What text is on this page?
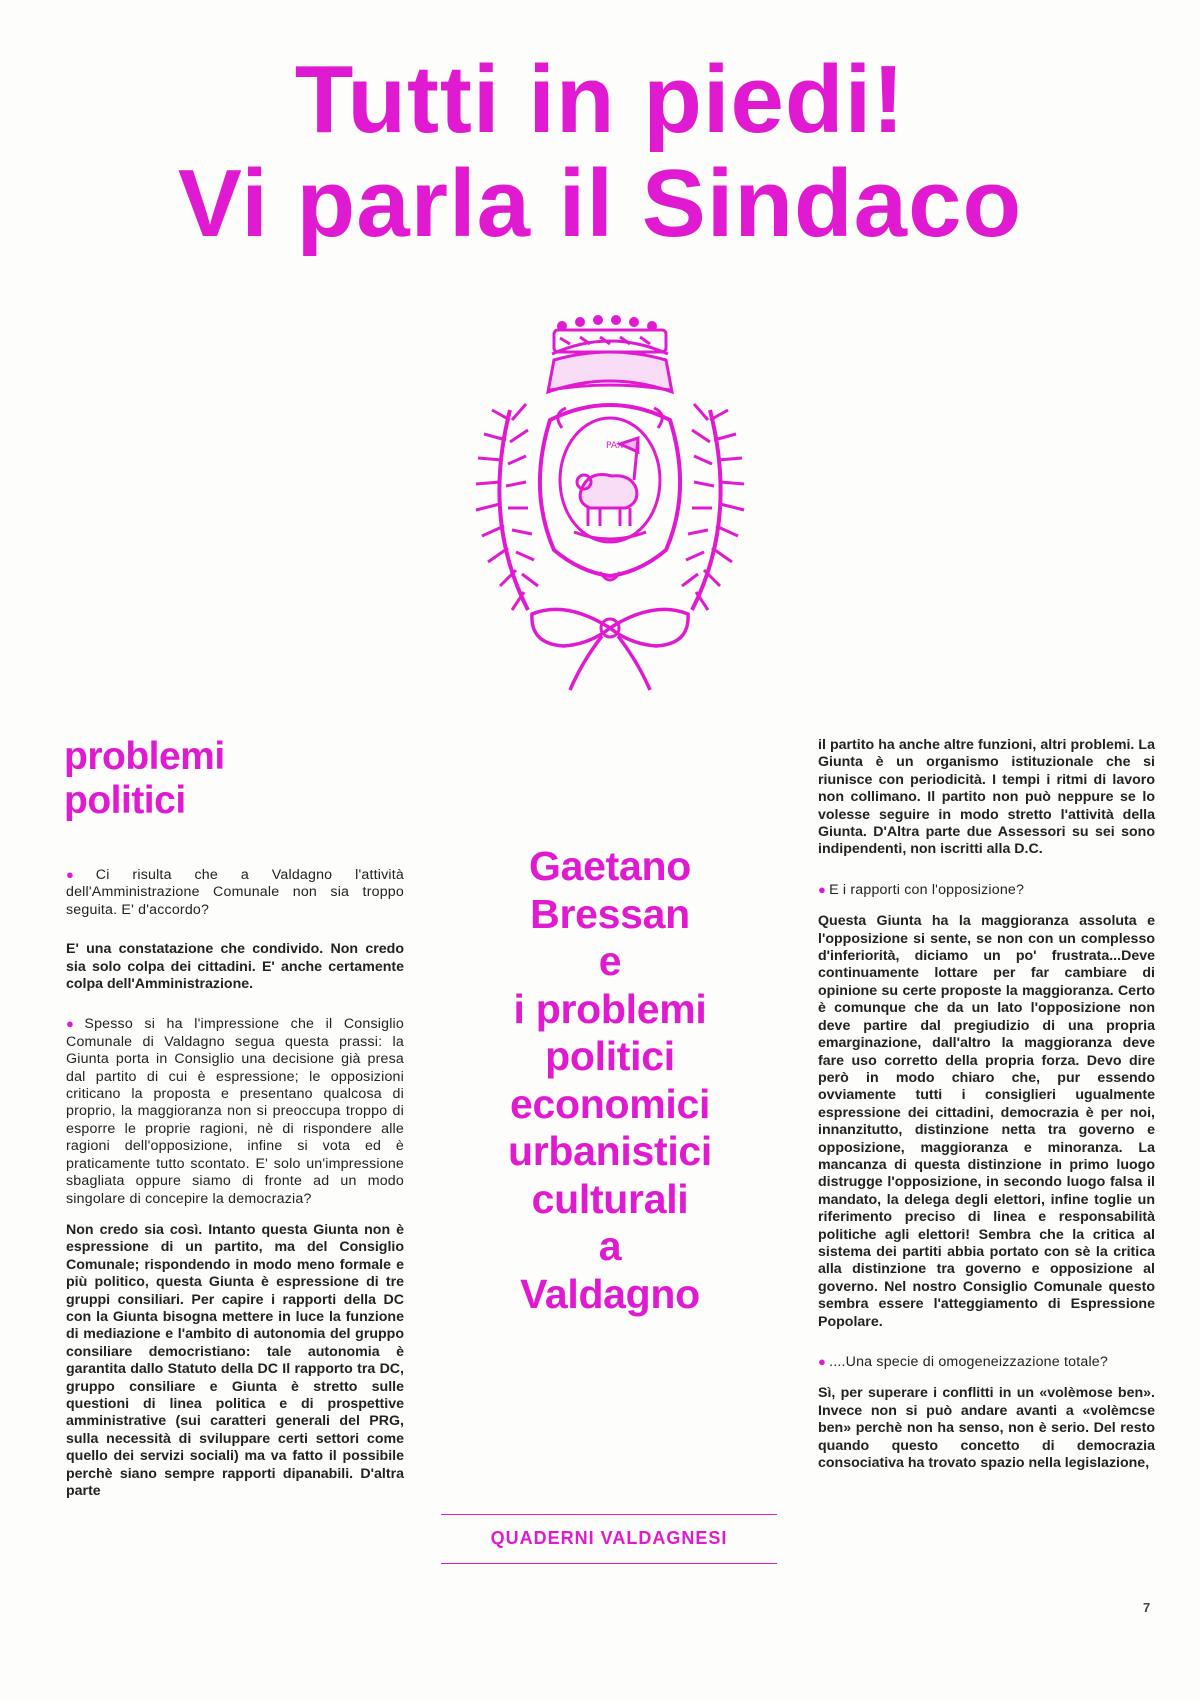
Tutti in piedi!
Vi parla il Sindaco
PAX
problemi
politici

● Ci risulta che a Valdagno l'attività dell'Amministrazione Comunale non sia troppo seguita. E' d'accordo?

E' una constatazione che condivido. Non credo sia solo colpa dei cittadini. E' anche certamente colpa dell'Amministrazione.

● Spesso si ha l'impressione che il Consiglio Comunale di Valdagno segua questa prassi: la Giunta porta in Consiglio una decisione già presa dal partito di cui è espressione; le opposizioni criticano la proposta e presentano qualcosa di proprio, la maggioranza non si preoccupa troppo di esporre le proprie ragioni, nè di rispondere alle ragioni dell'opposizione, infine si vota ed è praticamente tutto scontato. E' solo un'impressione sbagliata oppure siamo di fronte ad un modo singolare di concepire la democrazia?

Non credo sia così. Intanto questa Giunta non è espressione di un partito, ma del Consiglio Comunale; rispondendo in modo meno formale e più politico, questa Giunta è espressione di tre gruppi consiliari. Per capire i rapporti della DC con la Giunta bisogna mettere in luce la funzione di mediazione e l'ambito di autonomia del gruppo consiliare democristiano: tale autonomia è garantita dallo Statuto della DC Il rapporto tra DC, gruppo consiliare e Giunta è stretto sulle questioni di linea politica e di prospettive amministrative (sui caratteri generali del PRG, sulla necessità di sviluppare certi settori come quello dei servizi sociali) ma va fatto il possibile perchè siano sempre rapporti dipanabili. D'altra parte

Gaetano
Bressan
e
i problemi
politici
economici
urbanistici
culturali
a
Valdagno
QUADERNI VALDAGNESI

il partito ha anche altre funzioni, altri problemi. La Giunta è un organismo istituzionale che si riunisce con periodicità. I tempi i ritmi di lavoro non collimano. Il partito non può neppure se lo volesse seguire in modo stretto l'attività della Giunta. D'Altra parte due Assessori su sei sono indipendenti, non iscritti alla D.C.

● E i rapporti con l'opposizione?

Questa Giunta ha la maggioranza assoluta e l'opposizione si sente, se non con un complesso d'inferiorità, diciamo un po' frustrata...Deve continuamente lottare per far cambiare di opinione su certe proposte la maggioranza. Certo è comunque che da un lato l'opposizione non deve partire dal pregiudizio di una propria emarginazione, dall'altro la maggioranza deve fare uso corretto della propria forza. Devo dire però in modo chiaro che, pur essendo ovviamente tutti i consiglieri ugualmente espressione dei cittadini, democrazia è per noi, innanzitutto, distinzione netta tra governo e opposizione, maggioranza e minoranza. La mancanza di questa distinzione in primo luogo distrugge l'opposizione, in secondo luogo falsa il mandato, la delega degli elettori, infine toglie un riferimento preciso di linea e responsabilità politiche agli elettori! Sembra che la critica al sistema dei partiti abbia portato con sè la critica alla distinzione tra governo e opposizione al governo. Nel nostro Consiglio Comunale questo sembra essere l'atteggiamento di Espressione Popolare.

● ....Una specie di omogeneizzazione totale?

Sì, per superare i conflitti in un «volèmose ben». Invece non si può andare avanti a «volèmcse ben» perchè non ha senso, non è serio. Del resto quando questo concetto di democrazia consociativa ha trovato spazio nella legislazione,

7
